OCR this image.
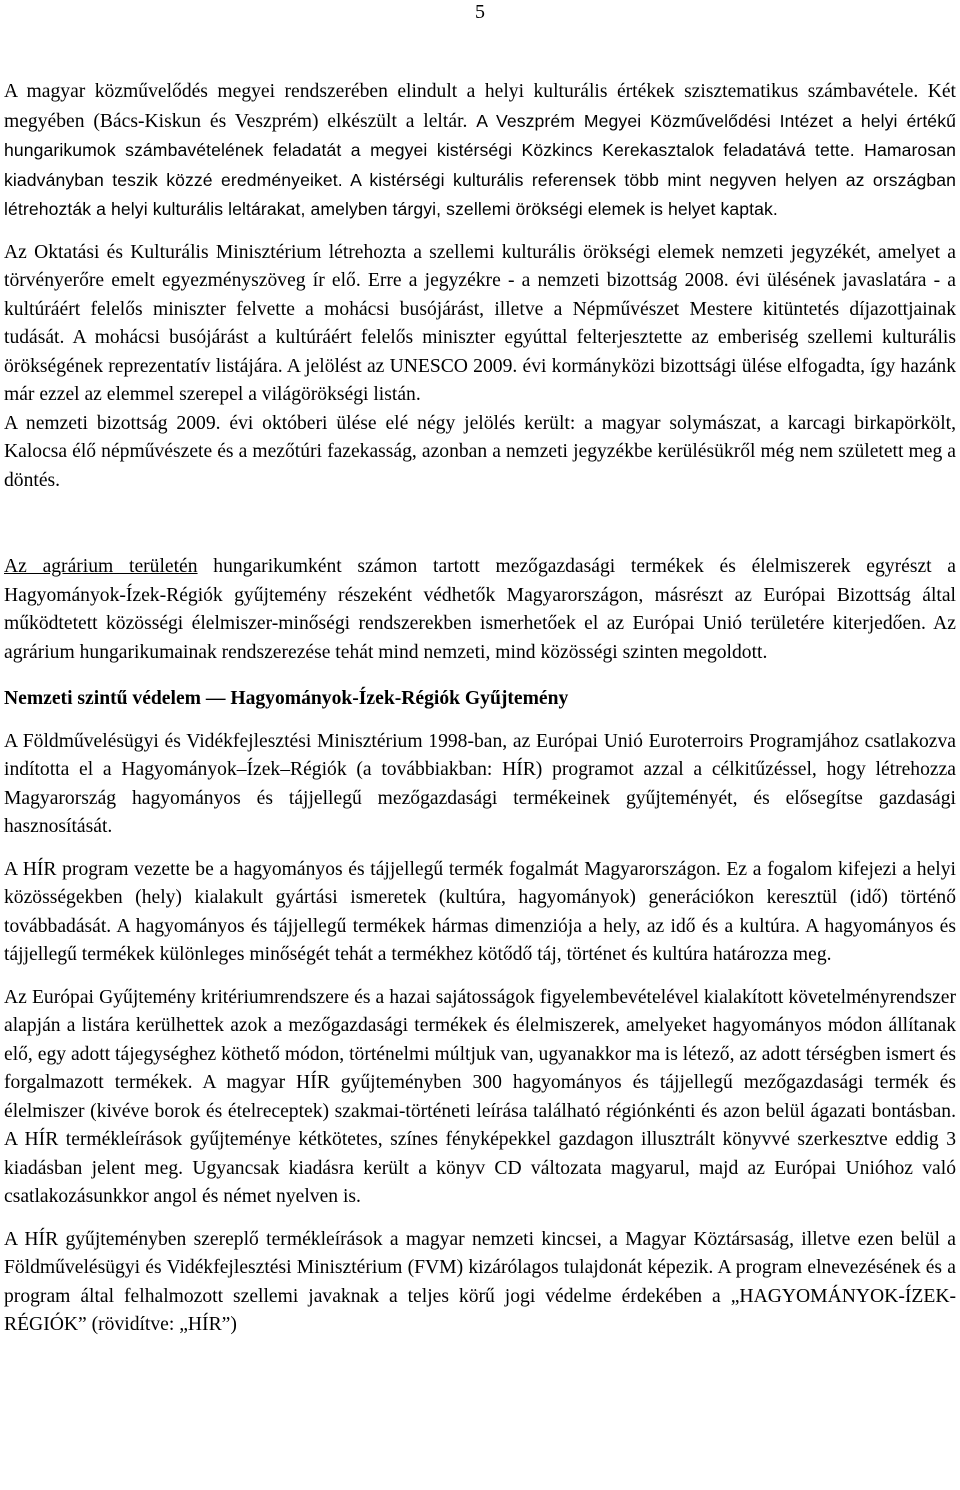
5

A magyar közművelődés megyei rendszerében elindult a helyi kulturális értékek szisztematikus számbavétele. Két megyében (Bács-Kiskun és Veszprém) elkészült a leltár. A Veszprém Megyei Közművelődési Intézet a helyi értékű hungarikumok számbavételének feladatát a megyei kistérségi Közkincs Kerekasztalok feladatává tette. Hamarosan kiadványban teszik közzé eredményeiket. A kistérségi kulturális referensek több mint negyven helyen az országban létrehozták a helyi kulturális leltárakat, amelyben tárgyi, szellemi örökségi elemek is helyet kaptak.

Az Oktatási és Kulturális Minisztérium létrehozta a szellemi kulturális örökségi elemek nemzeti jegyzékét, amelyet a törvényerőre emelt egyezményszöveg ír elő. Erre a jegyzékre - a nemzeti bizottság 2008. évi ülésének javaslatára - a kultúráért felelős miniszter felvette a mohácsi busójárást, illetve a Népművészet Mestere kitüntetés díjazottjainak tudását. A mohácsi busójárást a kultúráért felelős miniszter egyúttal felterjesztette az emberiség szellemi kulturális örökségének reprezentatív listájára. A jelölést az UNESCO 2009. évi kormányközi bizottsági ülése elfogadta, így hazánk már ezzel az elemmel szerepel a világörökségi listán.

A nemzeti bizottság 2009. évi októberi ülése elé négy jelölés került: a magyar solymászat, a karcagi birkapörkölt, Kalocsa élő népművészete és a mezőtúri fazekasság, azonban a nemzeti jegyzékbe kerülésükről még nem született meg a döntés.

Az agrárium területén hungarikumként számon tartott mezőgazdasági termékek és élelmiszerek egyrészt a Hagyományok-Ízek-Régiók gyűjtemény részeként védhetők Magyarországon, másrészt az Európai Bizottság által működtetett közösségi élelmiszer-minőségi rendszerekben ismerhetőek el az Európai Unió területére kiterjedően. Az agrárium hungarikumainak rendszerezése tehát mind nemzeti, mind közösségi szinten megoldott.

Nemzeti szintű védelem — Hagyományok-Ízek-Régiók Gyűjtemény

A Földművelésügyi és Vidékfejlesztési Minisztérium 1998-ban, az Európai Unió Euroterroirs Programjához csatlakozva indította el a Hagyományok–Ízek–Régiók (a továbbiakban: HÍR) programot azzal a célkitűzéssel, hogy létrehozza Magyarország hagyományos és tájjellegű mezőgazdasági termékeinek gyűjteményét, és elősegítse gazdasági hasznosítását.

A HÍR program vezette be a hagyományos és tájjellegű termék fogalmát Magyarországon. Ez a fogalom kifejezi a helyi közösségekben (hely) kialakult gyártási ismeretek (kultúra, hagyományok) generációkon keresztül (idő) történő továbbadását. A hagyományos és tájjellegű termékek hármas dimenziója a hely, az idő és a kultúra. A hagyományos és tájjellegű termékek különleges minőségét tehát a termékhez kötődő táj, történet és kultúra határozza meg.

Az Európai Gyűjtemény kritériumrendszere és a hazai sajátosságok figyelembevételével kialakított követelményrendszer alapján a listára kerülhettek azok a mezőgazdasági termékek és élelmiszerek, amelyeket hagyományos módon állítanak elő, egy adott tájegységhez köthető módon, történelmi múltjuk van, ugyanakkor ma is létező, az adott térségben ismert és forgalmazott termékek. A magyar HÍR gyűjteményben 300 hagyományos és tájjellegű mezőgazdasági termék és élelmiszer (kivéve borok és ételreceptek) szakmai-történeti leírása található régiónkénti és azon belül ágazati bontásban. A HÍR termékleírások gyűjteménye kétkötetes, színes fényképekkel gazdagon illusztrált könyvvé szerkesztve eddig 3 kiadásban jelent meg. Ugyancsak kiadásra került a könyv CD változata magyarul, majd az Európai Unióhoz való csatlakozásunkkor angol és német nyelven is.

A HÍR gyűjteményben szereplő termékleírások a magyar nemzeti kincsei, a Magyar Köztársaság, illetve ezen belül a Földművelésügyi és Vidékfejlesztési Minisztérium (FVM) kizárólagos tulajdonát képezik. A program elnevezésének és a program által felhalmozott szellemi javaknak a teljes körű jogi védelme érdekében a „HAGYOMÁNYOK-ÍZEK-RÉGIÓK” (rövidítve: „HÍR”)
